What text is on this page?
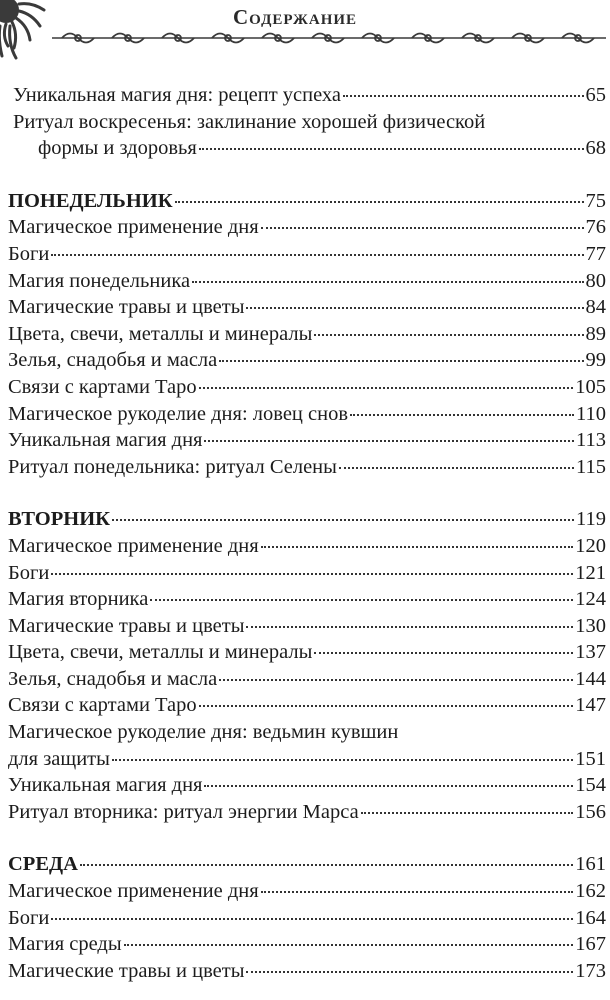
Содержание
Уникальная магия дня: рецепт успеха	65
Ритуал воскресенья: заклинание хорошей физической
формы и здоровья	68
ПОНЕДЕЛЬНИК	75
Магическое применение дня	76
Боги	77
Магия понедельника	80
Магические травы и цветы	84
Цвета, свечи, металлы и минералы	89
Зелья, снадобья и масла	99
Связи с картами Таро	105
Магическое рукоделие дня: ловец снов	110
Уникальная магия дня	113
Ритуал понедельника: ритуал Селены	115
ВТОРНИК	119
Магическое применение дня	120
Боги	121
Магия вторника	124
Магические травы и цветы	130
Цвета, свечи, металлы и минералы	137
Зелья, снадобья и масла	144
Связи с картами Таро	147
Магическое рукоделие дня: ведьмин кувшин
для защиты	151
Уникальная магия дня	154
Ритуал вторника: ритуал энергии Марса	156
СРЕДА	161
Магическое применение дня	162
Боги	164
Магия среды	167
Магические травы и цветы	173
